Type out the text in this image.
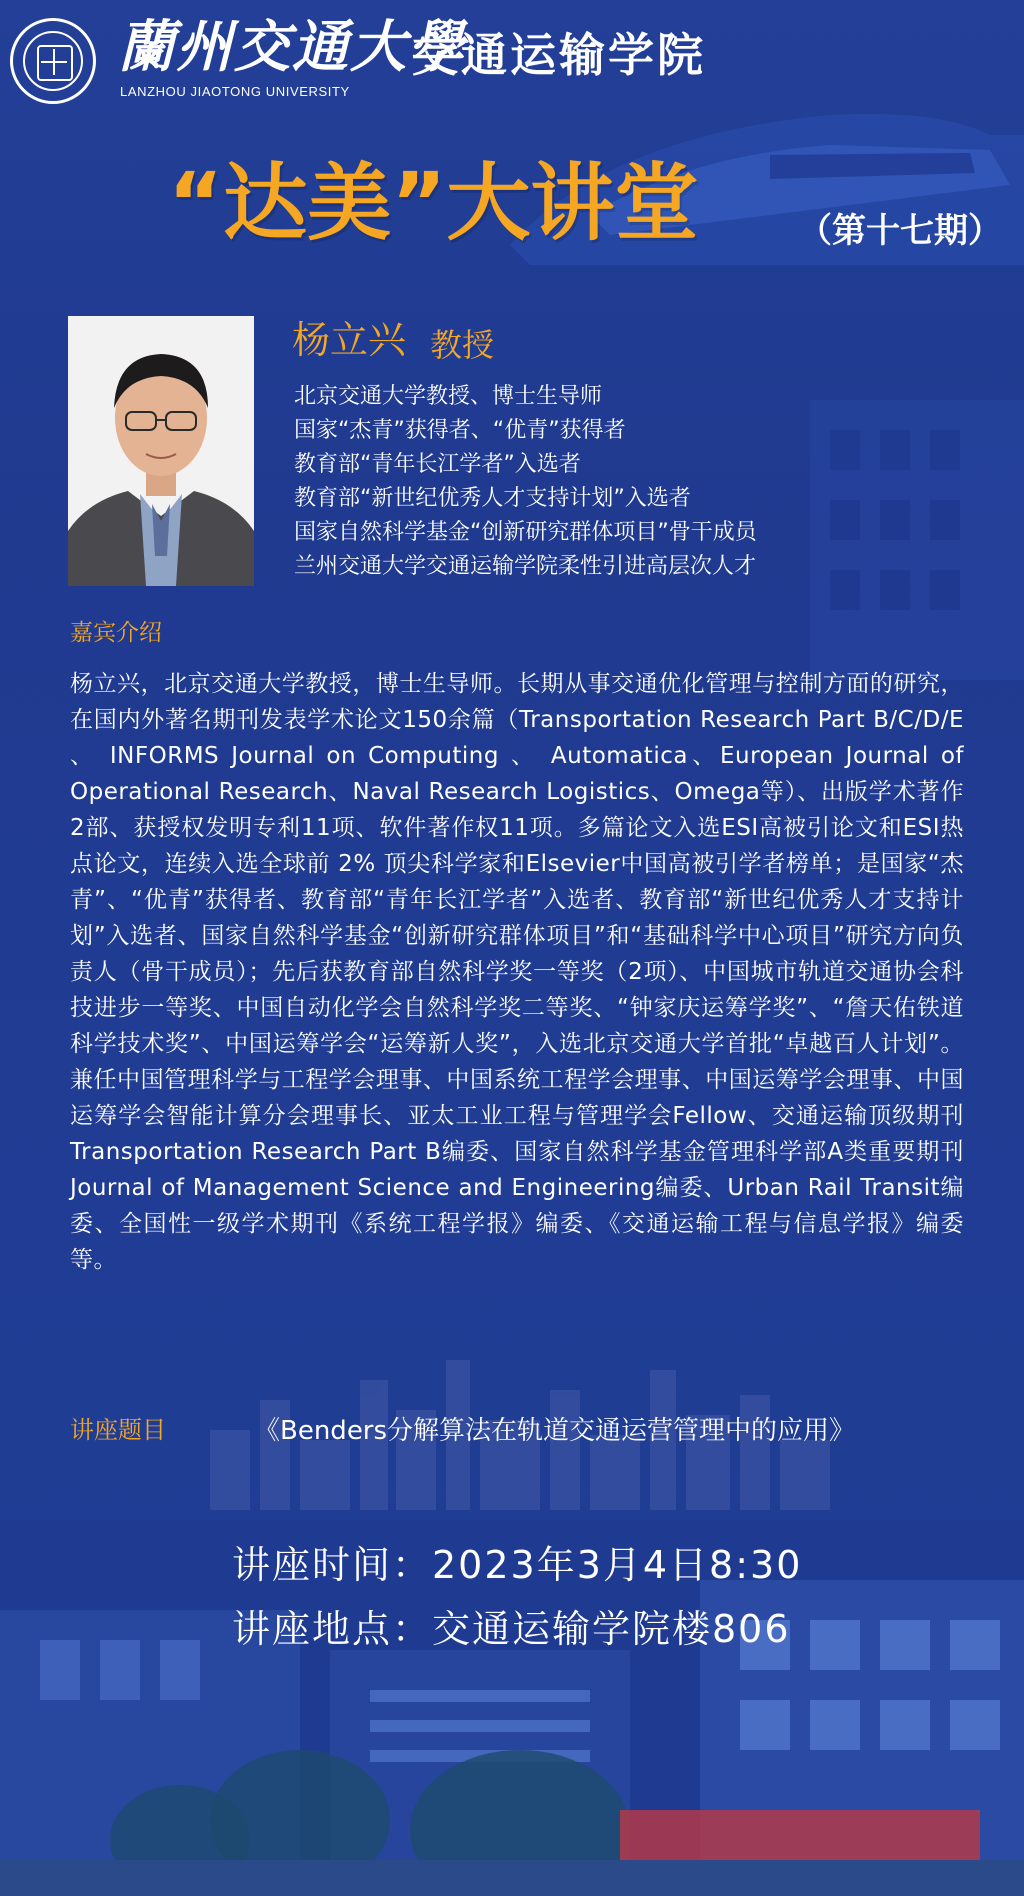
蘭州交通大學
LANZHOU JIAOTONG UNIVERSITY
交通运输学院
“达美”大讲堂	（第十七期）
杨立兴 教授
北京交通大学教授、博士生导师
国家“杰青”获得者、“优青”获得者
教育部“青年长江学者”入选者
教育部“新世纪优秀人才支持计划”入选者
国家自然科学基金“创新研究群体项目”骨干成员
兰州交通大学交通运输学院柔性引进高层次人才
嘉宾介绍

杨立兴，北京交通大学教授，博士生导师。长期从事交通优化管理与控制方面的研究，在国内外著名期刊发表学术论文150余篇（Transportation Research Part B/C/D/E 、 INFORMS Journal on Computing 、 Automatica、European Journal of Operational Research、Naval Research Logistics、Omega等）、出版学术著作2部、获授权发明专利11项、软件著作权11项。多篇论文入选ESI高被引论文和ESI热点论文，连续入选全球前 2% 顶尖科学家和Elsevier中国高被引学者榜单；是国家“杰青”、“优青”获得者、教育部“青年长江学者”入选者、教育部“新世纪优秀人才支持计划”入选者、国家自然科学基金“创新研究群体项目”和“基础科学中心项目”研究方向负责人（骨干成员）；先后获教育部自然科学奖一等奖（2项）、中国城市轨道交通协会科技进步一等奖、中国自动化学会自然科学奖二等奖、“钟家庆运筹学奖”、“詹天佑铁道科学技术奖”、中国运筹学会“运筹新人奖”，入选北京交通大学首批“卓越百人计划”。兼任中国管理科学与工程学会理事、中国系统工程学会理事、中国运筹学会理事、中国运筹学会智能计算分会理事长、亚太工业工程与管理学会Fellow、交通运输顶级期刊Transportation Research Part B编委、国家自然科学基金管理科学部A类重要期刊Journal of Management Science and Engineering编委、Urban Rail Transit编委、全国性一级学术期刊《系统工程学报》编委、《交通运输工程与信息学报》编委等。

讲座题目	《Benders分解算法在轨道交通运营管理中的应用》
讲座时间：2023年3月4日8:30
讲座地点：交通运输学院楼806
